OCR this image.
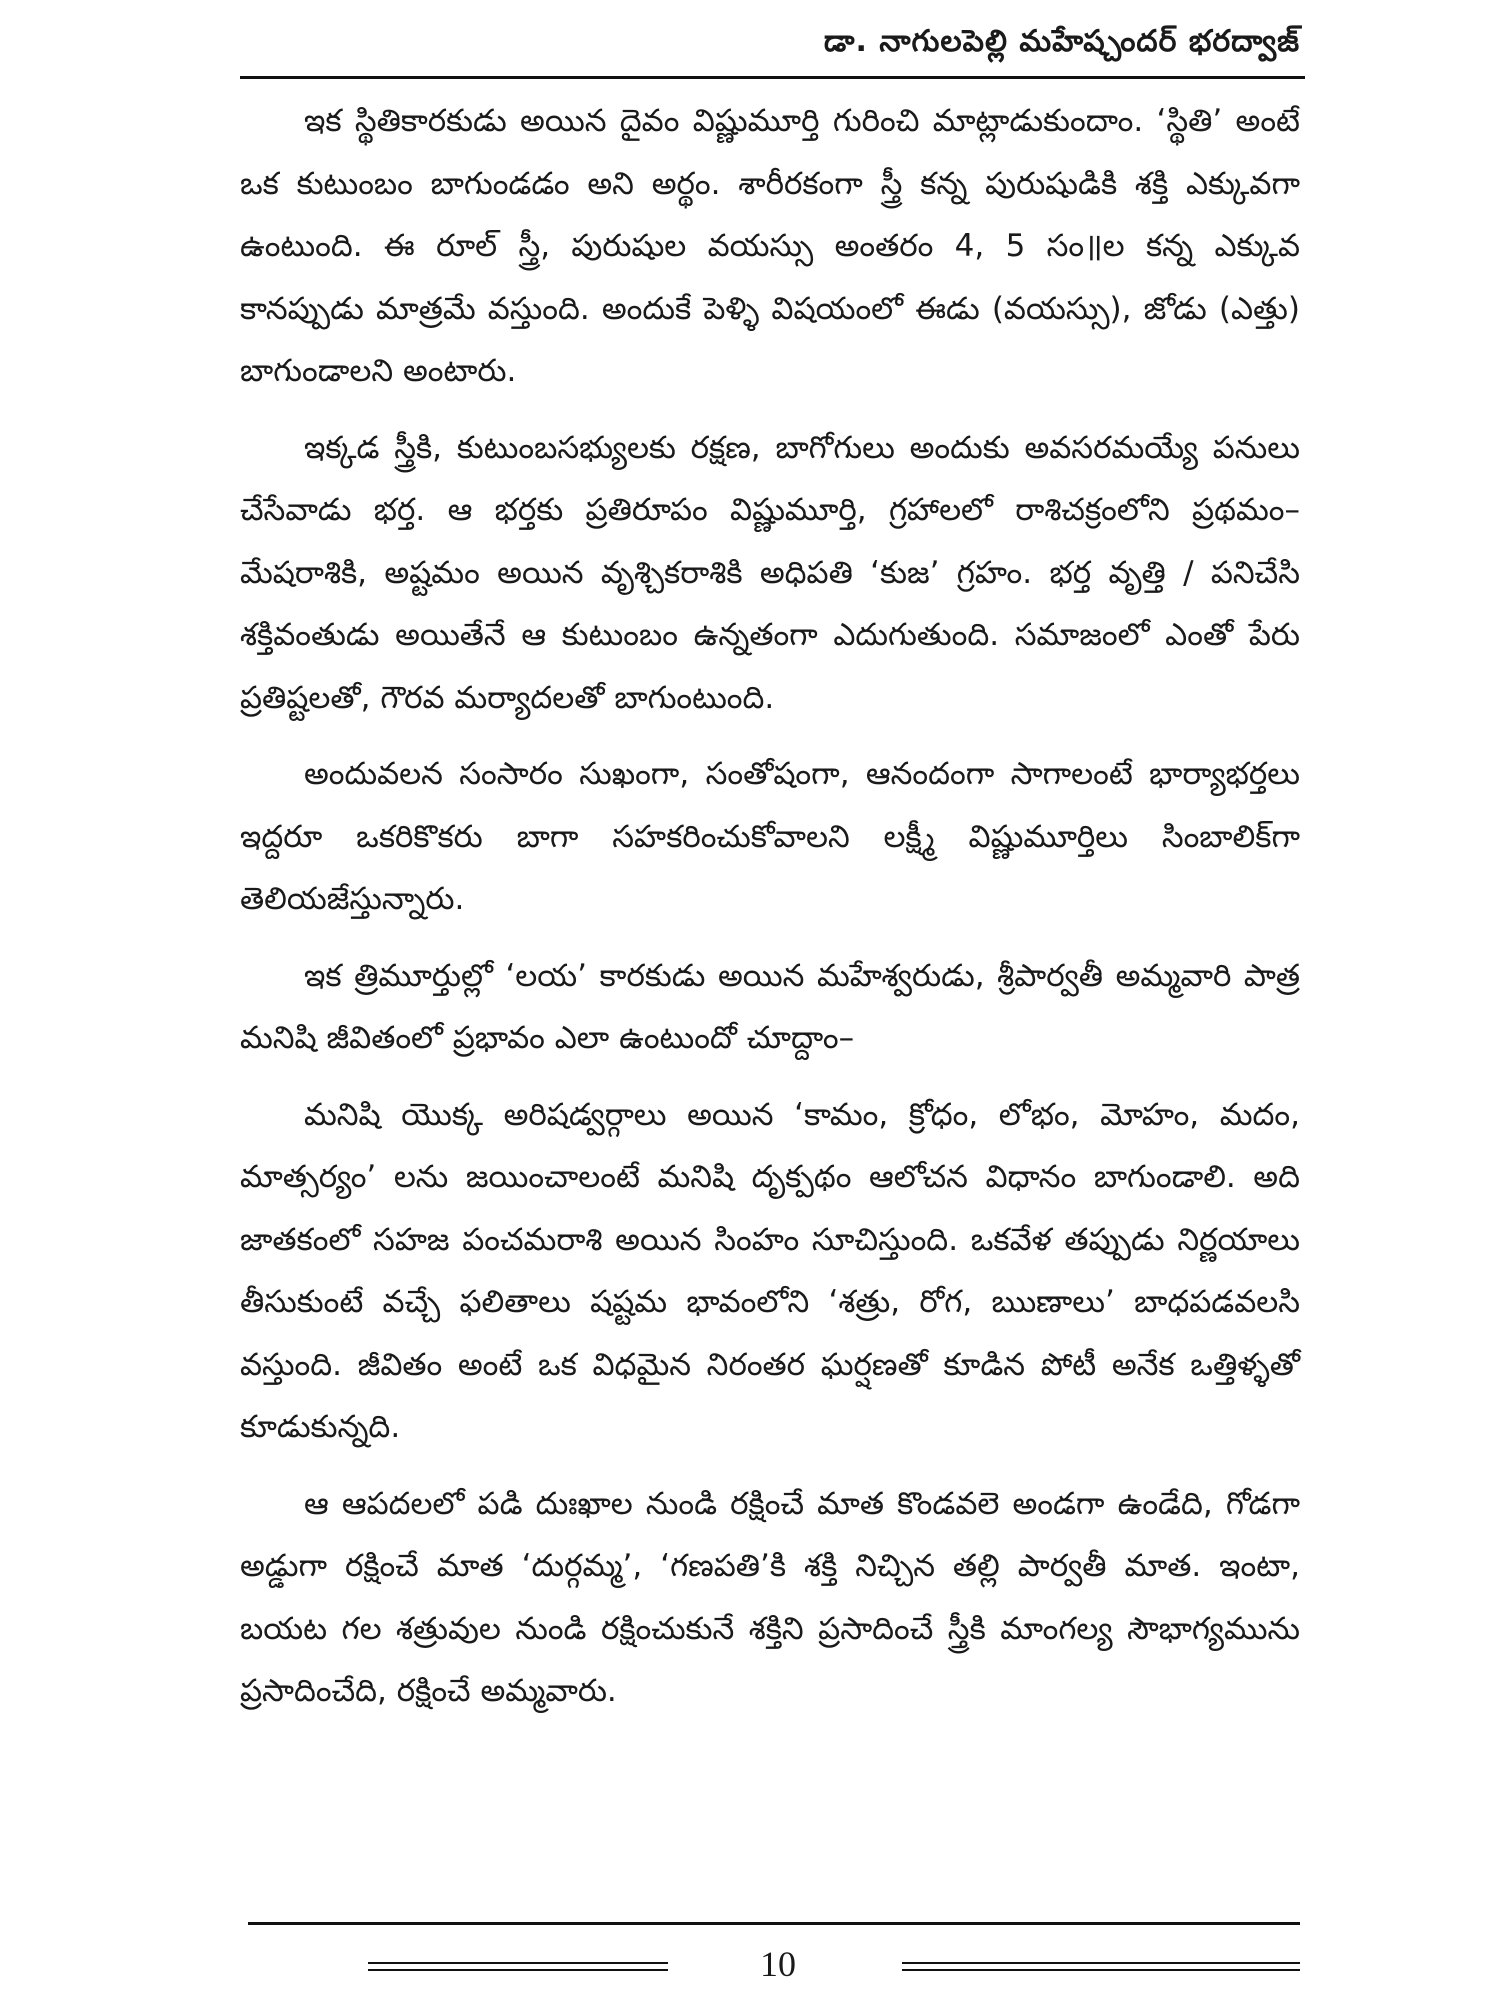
డా. నాగులపెల్లి మహేష్చందర్ భరద్వాజ్

ఇక స్థితికారకుడు అయిన దైవం విష్ణుమూర్తి గురించి మాట్లాడుకుందాం. ‘స్థితి’ అంటే ఒక కుటుంబం బాగుండడం అని అర్థం. శారీరకంగా స్త్రీ కన్న పురుషుడికి శక్తి ఎక్కువగా ఉంటుంది. ఈ రూల్ స్త్రీ, పురుషుల వయస్సు అంతరం 4, 5 సం॥ల కన్న ఎక్కువ కానప్పుడు మాత్రమే వస్తుంది. అందుకే పెళ్ళి విషయంలో ఈడు (వయస్సు), జోడు (ఎత్తు) బాగుండాలని అంటారు.

ఇక్కడ స్త్రీకి, కుటుంబసభ్యులకు రక్షణ, బాగోగులు అందుకు అవసరమయ్యే పనులు చేసేవాడు భర్త. ఆ భర్తకు ప్రతిరూపం విష్ణుమూర్తి, గ్రహాలలో రాశిచక్రంలోని ప్రథమం–మేషరాశికి, అష్టమం అయిన వృశ్చికరాశికి అధిపతి ‘కుజ’ గ్రహం. భర్త వృత్తి / పనిచేసి శక్తివంతుడు అయితేనే ఆ కుటుంబం ఉన్నతంగా ఎదుగుతుంది. సమాజంలో ఎంతో పేరు ప్రతిష్టలతో, గౌరవ మర్యాదలతో బాగుంటుంది.

అందువలన సంసారం సుఖంగా, సంతోషంగా, ఆనందంగా సాగాలంటే భార్యాభర్తలు ఇద్దరూ ఒకరికొకరు బాగా సహకరించుకోవాలని లక్ష్మీ విష్ణుమూర్తిలు సింబాలిక్‌గా తెలియజేస్తున్నారు.

ఇక త్రిమూర్తుల్లో ‘లయ’ కారకుడు అయిన మహేశ్వరుడు, శ్రీపార్వతీ అమ్మవారి పాత్ర మనిషి జీవితంలో ప్రభావం ఎలా ఉంటుందో చూద్దాం–

మనిషి యొక్క అరిషడ్వర్గాలు అయిన ‘కామం, క్రోధం, లోభం, మోహం, మదం, మాత్సర్యం’ లను జయించాలంటే మనిషి దృక్పథం ఆలోచన విధానం బాగుండాలి. అది జాతకంలో సహజ పంచమరాశి అయిన సింహం సూచిస్తుంది. ఒకవేళ తప్పుడు నిర్ణయాలు తీసుకుంటే వచ్చే ఫలితాలు షష్టమ భావంలోని ‘శత్రు, రోగ, ఋణాలు’ బాధపడవలసి వస్తుంది. జీవితం అంటే ఒక విధమైన నిరంతర ఘర్షణతో కూడిన పోటీ అనేక ఒత్తిళ్ళతో కూడుకున్నది.

ఆ ఆపదలలో పడి దుఃఖాల నుండి రక్షించే మాత కొండవలె అండగా ఉండేది, గోడగా అడ్డుగా రక్షించే మాత ‘దుర్గమ్మ’, ‘గణపతి’కి శక్తి నిచ్చిన తల్లి పార్వతీ మాత. ఇంటా, బయట గల శత్రువుల నుండి రక్షించుకునే శక్తిని ప్రసాదించే స్త్రీకి మాంగల్య సౌభాగ్యమును ప్రసాదించేది, రక్షించే అమ్మవారు.

10
